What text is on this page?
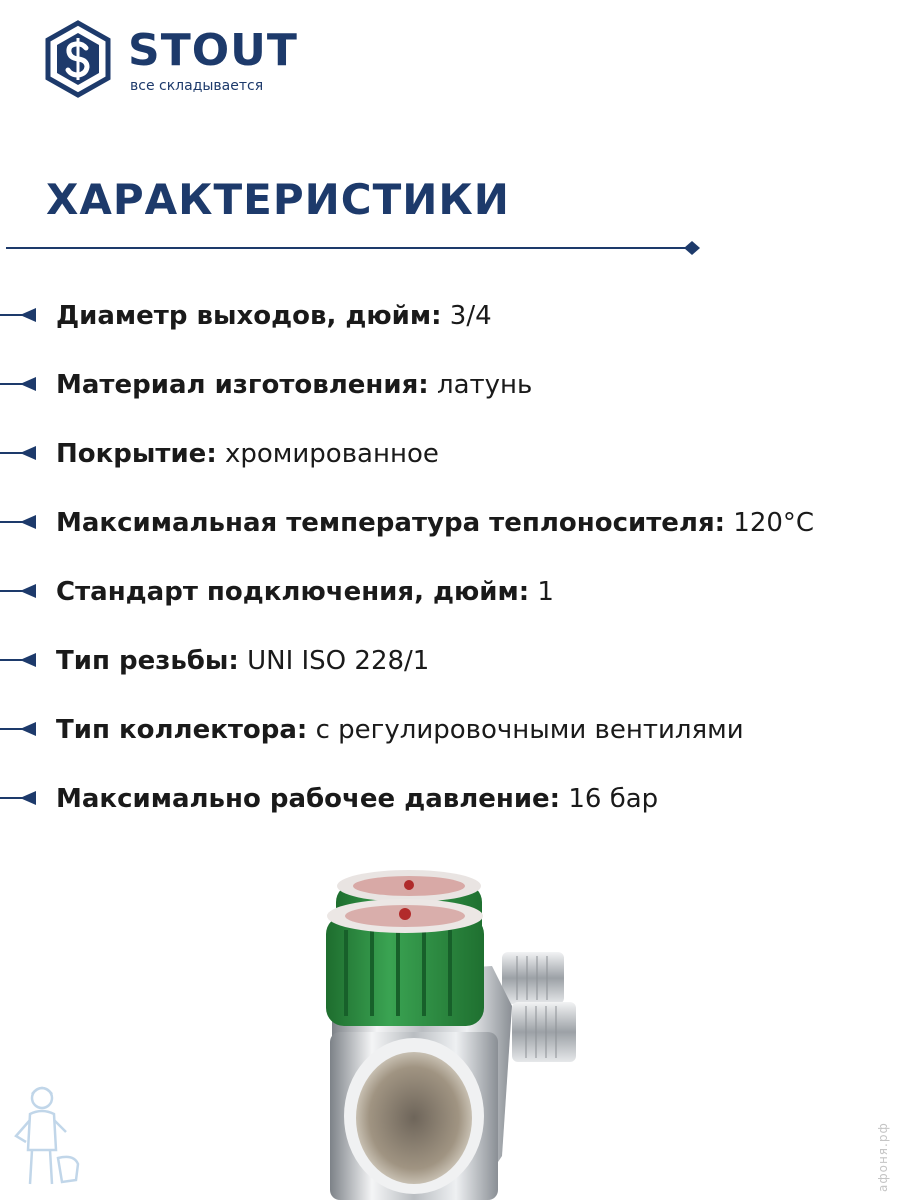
STOUT
все складывается
ХАРАКТЕРИСТИКИ
Диаметр выходов, дюйм: 3/4
Материал изготовления: латунь
Покрытие: хромированное
Максимальная температура теплоносителя: 120°C
Стандарт подключения, дюйм: 1
Тип резьбы: UNI ISO 228/1
Тип коллектора: с регулировочными вентилями
Максимально рабочее давление: 16 бар
афоня.рф
